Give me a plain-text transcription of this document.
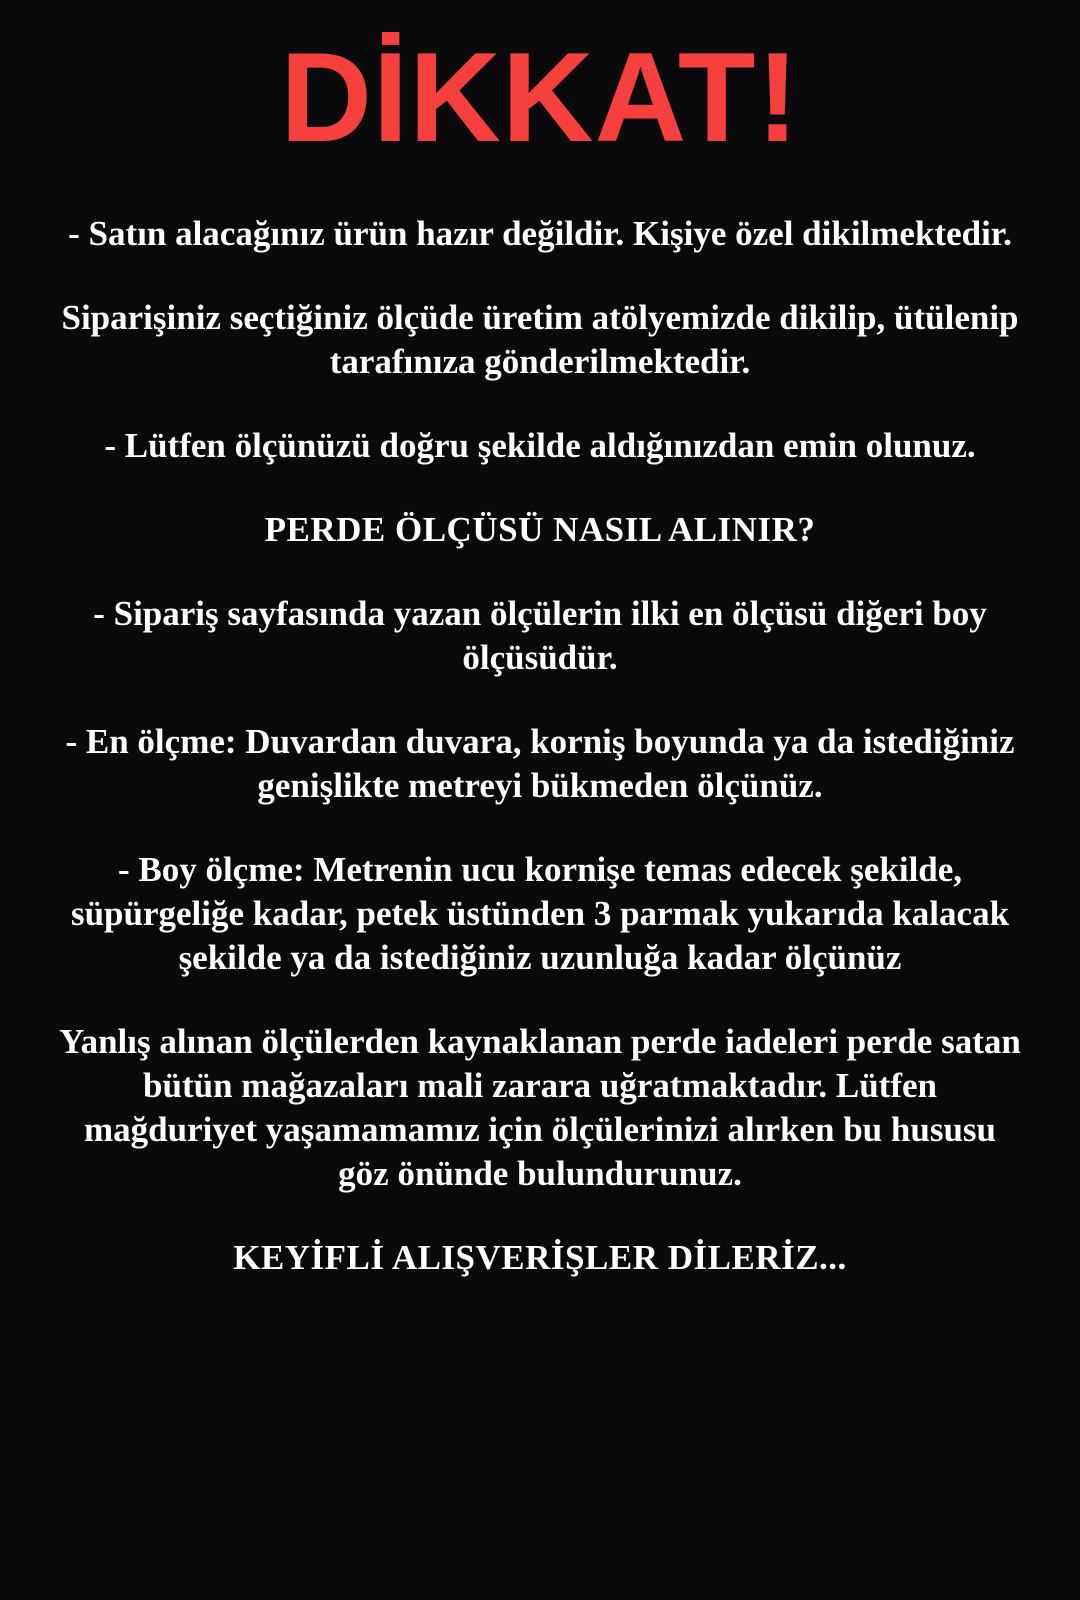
DİKKAT!

- Satın alacağınız ürün hazır değildir. Kişiye özel dikilmektedir.

Siparişiniz seçtiğiniz ölçüde üretim atölyemizde dikilip, ütülenip tarafınıza gönderilmektedir.

- Lütfen ölçünüzü doğru şekilde aldığınızdan emin olunuz.

PERDE ÖLÇÜSÜ NASIL ALINIR?

- Sipariş sayfasında yazan ölçülerin ilki en ölçüsü diğeri boy ölçüsüdür.

- En ölçme: Duvardan duvara, korniş boyunda ya da istediğiniz genişlikte metreyi bükmeden ölçünüz.

- Boy ölçme: Metrenin ucu kornişe temas edecek şekilde, süpürgeliğe kadar, petek üstünden 3 parmak yukarıda kalacak şekilde ya da istediğiniz uzunluğa kadar ölçünüz

Yanlış alınan ölçülerden kaynaklanan perde iadeleri perde satan bütün mağazaları mali zarara uğratmaktadır. Lütfen mağduriyet yaşamamamız için ölçülerinizi alırken bu hususu göz önünde bulundurunuz.

KEYİFLİ ALIŞVERİŞLER DİLERİZ...
